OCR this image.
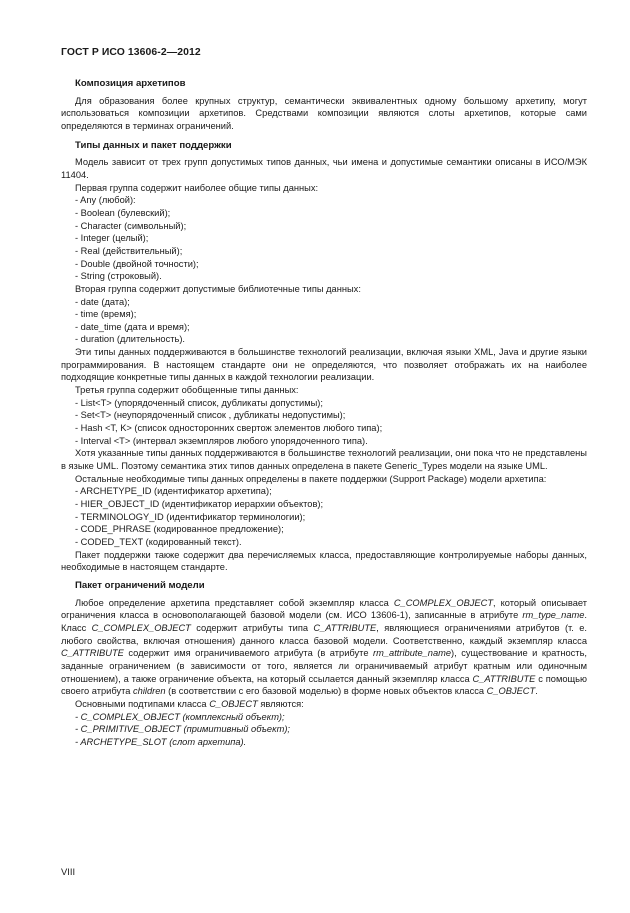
ГОСТ Р ИСО 13606-2—2012
Композиция архетипов
Для образования более крупных структур, семантически эквивалентных одному большому архетипу, могут использоваться композиции архетипов. Средствами композиции являются слоты архетипов, которые сами определяются в терминах ограничений.
Типы данных и пакет поддержки
Модель зависит от трех групп допустимых типов данных, чьи имена и допустимые семантики описаны в ИСО/МЭК 11404.
Первая группа содержит наиболее общие типы данных:
- Any (любой):
- Boolean (булевский);
- Character (символьный);
- Integer (целый);
- Real (действительный);
- Double (двойной точности);
- String (строковый).
Вторая группа содержит допустимые библиотечные типы данных:
- date (дата);
- time (время);
- date_time (дата и время);
- duration (длительность).
Эти типы данных поддерживаются в большинстве технологий реализации, включая языки XML, Java и другие языки программирования. В настоящем стандарте они не определяются, что позволяет отображать их на наиболее подходящие конкретные типы данных в каждой технологии реализации.
Третья группа содержит обобщенные типы данных:
- List<T> (упорядоченный список, дубликаты допустимы);
- Set<T> (неупорядоченный список , дубликаты недопустимы);
- Hash <T, K> (список односторонних свертож элементов любого типа);
- Interval <T> (интервал экземпляров любого упорядоченного типа).
Хотя указанные типы данных поддерживаются в большинстве технологий реализации, они пока что не представлены в языке UML. Поэтому семантика этих типов данных определена в пакете Generic_Types модели на языке UML.
Остальные необходимые типы данных определены в пакете поддержки (Support Package) модели архетипа:
- ARCHETYPE_ID (идентификатор архетипа);
- HIER_OBJECT_ID (идентификатор иерархии объектов);
- TERMINOLOGY_ID (идентификатор терминологии);
- CODE_PHRASE (кодированное предложение);
- CODED_TEXT (кодированный текст).
Пакет поддержки также содержит два перечисляемых класса, предоставляющие контролируемые наборы данных, необходимые в настоящем стандарте.
Пакет ограничений модели
Любое определение архетипа представляет собой экземпляр класса C_COMPLEX_OBJECT, который описывает ограничения класса в основополагающей базовой модели (см. ИСО 13606-1), записанные в атрибуте rm_type_name. Класс C_COMPLEX_OBJECT содержит атрибуты типа C_ATTRIBUTE, являющиеся ограничениями атрибутов (т. е. любого свойства, включая отношения) данного класса базовой модели. Соответственно, каждый экземпляр класса C_ATTRIBUTE содержит имя ограничиваемого атрибута (в атрибуте rm_attribute_name), существование и кратность, заданные ограничением (в зависимости от того, является ли ограничиваемый атрибут кратным или одиночным отношением), а также ограничение объекта, на который ссылается данный экземпляр класса C_ATTRIBUTE с помощью своего атрибута children (в соответствии с его базовой моделью) в форме новых объектов класса C_OBJECT.
Основными подтипами класса C_OBJECT являются:
- C_COMPLEX_OBJECT (комплексный объект);
- C_PRIMITIVE_OBJECT (примитивный объект);
- ARCHETYPE_SLOT (слот архетипа).
VIII
